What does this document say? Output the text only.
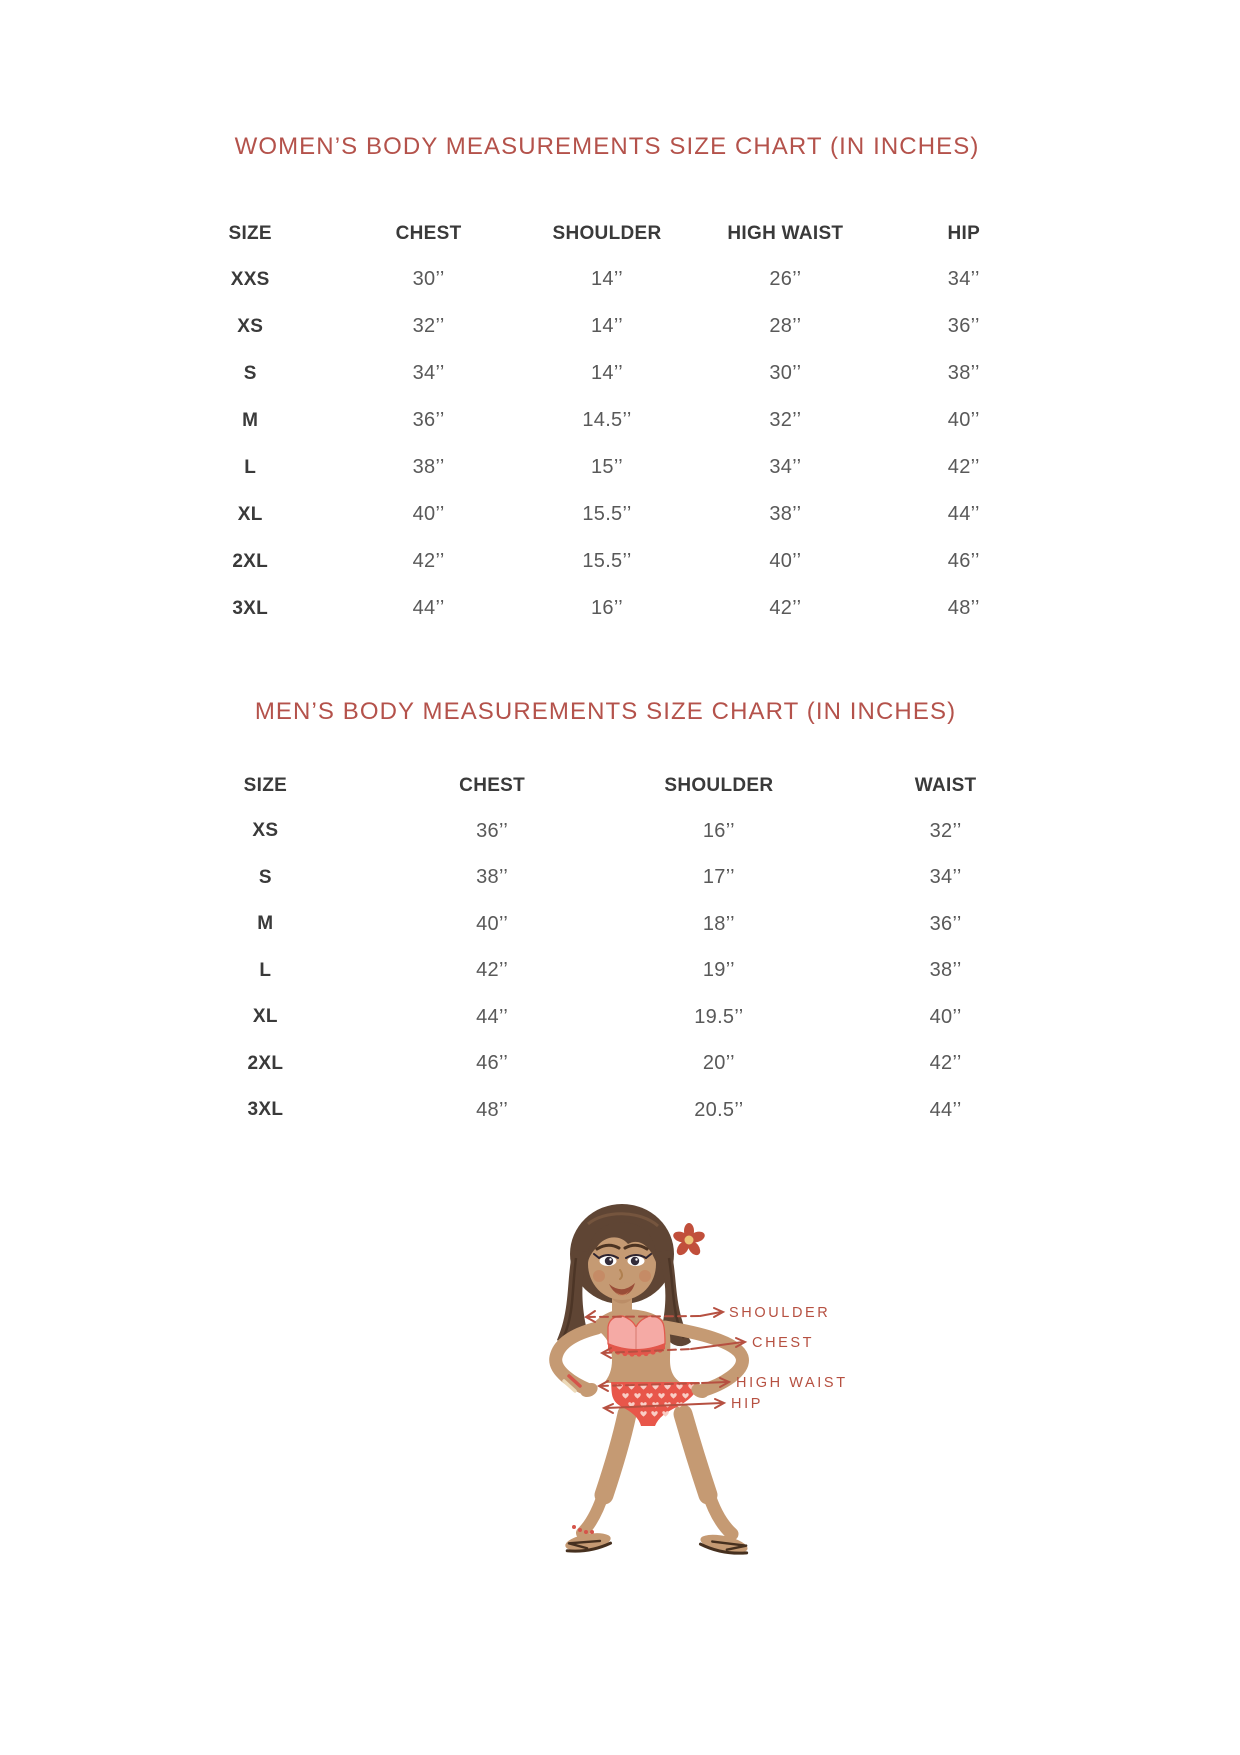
WOMEN’S BODY MEASUREMENTS SIZE CHART (IN INCHES)
SIZE	CHEST	SHOULDER	HIGH WAIST	HIP
XXS	30’’	14’’	26’’	34’’
XS	32’’	14’’	28’’	36’’
S	34’’	14’’	30’’	38’’
M	36’’	14.5’’	32’’	40’’
L	38’’	15’’	34’’	42’’
XL	40’’	15.5’’	38’’	44’’
2XL	42’’	15.5’’	40’’	46’’
3XL	44’’	16’’	42’’	48’’
MEN’S BODY MEASUREMENTS SIZE CHART (IN INCHES)
SIZE	CHEST	SHOULDER	WAIST
XS	36’’	16’’	32’’
S	38’’	17’’	34’’
M	40’’	18’’	36’’
L	42’’	19’’	38’’
XL	44’’	19.5’’	40’’
2XL	46’’	20’’	42’’
3XL	48’’	20.5’’	44’’
SHOULDER
CHEST
HIGH WAIST
HIP
